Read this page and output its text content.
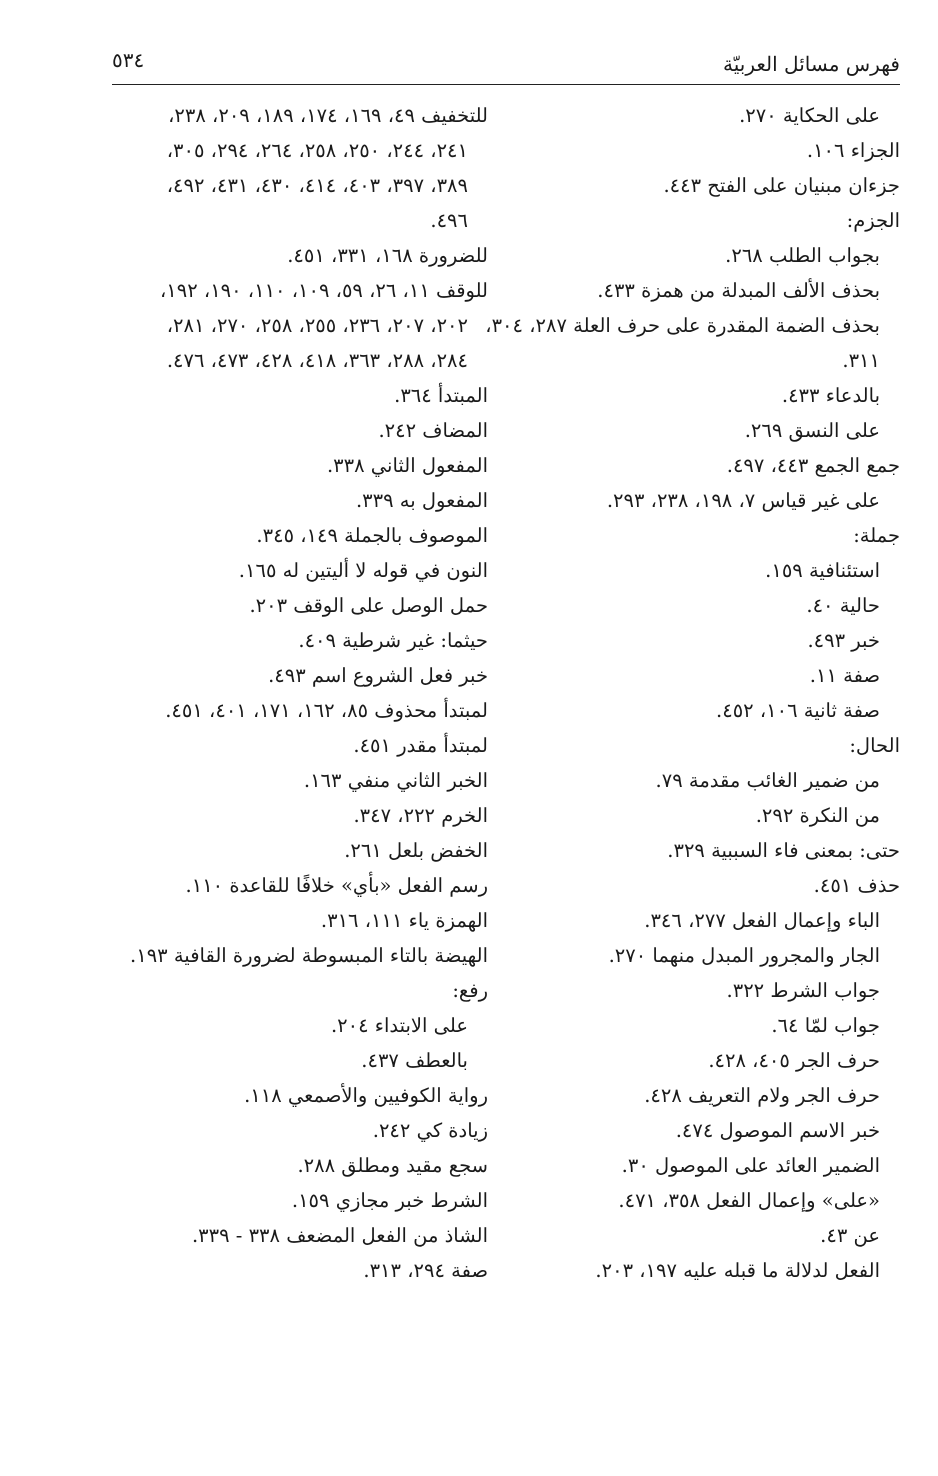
فهرس مسائل العربيّة
٥٣٤
على الحكاية ٢٧٠.
الجزاء ١٠٦.
جزءان مبنيان على الفتح ٤٤٣.
الجزم:
بجواب الطلب ٢٦٨.
بحذف الألف المبدلة من همزة ٤٣٣.
بحذف الضمة المقدرة على حرف العلة ٢٨٧، ٣٠٤،
٣١١.
بالدعاء ٤٣٣.
على النسق ٢٦٩.
جمع الجمع ٤٤٣، ٤٩٧.
على غير قياس ٧، ١٩٨، ٢٣٨، ٢٩٣.
جملة:
استئنافية ١٥٩.
حالية ٤٠.
خبر ٤٩٣.
صفة ١١.
صفة ثانية ١٠٦، ٤٥٢.
الحال:
من ضمير الغائب مقدمة ٧٩.
من النكرة ٢٩٢.
حتى: بمعنى فاء السببية ٣٢٩.
حذف ٤٥١.
الباء وإعمال الفعل ٢٧٧، ٣٤٦.
الجار والمجرور المبدل منهما ٢٧٠.
جواب الشرط ٣٢٢.
جواب لمّا ٦٤.
حرف الجر ٤٠٥، ٤٢٨.
حرف الجر ولام التعريف ٤٢٨.
خبر الاسم الموصول ٤٧٤.
الضمير العائد على الموصول ٣٠.
«على» وإعمال الفعل ٣٥٨، ٤٧١.
عن ٤٣.
الفعل لدلالة ما قبله عليه ١٩٧، ٢٠٣.
للتخفيف ٤٩، ١٦٩، ١٧٤، ١٨٩، ٢٠٩، ٢٣٨،
٢٤١، ٢٤٤، ٢٥٠، ٢٥٨، ٢٦٤، ٢٩٤، ٣٠٥،
٣٨٩، ٣٩٧، ٤٠٣، ٤١٤، ٤٣٠، ٤٣١، ٤٩٢،
٤٩٦.
للضرورة ١٦٨، ٣٣١، ٤٥١.
للوقف ١١، ٢٦، ٥٩، ١٠٩، ١١٠، ١٩٠، ١٩٢،
٢٠٢، ٢٠٧، ٢٣٦، ٢٥٥، ٢٥٨، ٢٧٠، ٢٨١،
٢٨٤، ٢٨٨، ٣٦٣، ٤١٨، ٤٢٨، ٤٧٣، ٤٧٦.
المبتدأ ٣٦٤.
المضاف ٢٤٢.
المفعول الثاني ٣٣٨.
المفعول به ٣٣٩.
الموصوف بالجملة ١٤٩، ٣٤٥.
النون في قوله لا أليتين له ١٦٥.
حمل الوصل على الوقف ٢٠٣.
حيثما: غير شرطية ٤٠٩.
خبر فعل الشروع اسم ٤٩٣.
لمبتدأ محذوف ٨٥، ١٦٢، ١٧١، ٤٠١، ٤٥١.
لمبتدأ مقدر ٤٥١.
الخبر الثاني منفي ١٦٣.
الخرم ٢٢٢، ٣٤٧.
الخفض بلعل ٢٦١.
رسم الفعل «بأي» خلافًا للقاعدة ١١٠.
الهمزة ياء ١١١، ٣١٦.
الهيضة بالتاء المبسوطة لضرورة القافية ١٩٣.
رفع:
على الابتداء ٢٠٤.
بالعطف ٤٣٧.
رواية الكوفيين والأصمعي ١١٨.
زيادة كي ٢٤٢.
سجع مقيد ومطلق ٢٨٨.
الشرط خبر مجازي ١٥٩.
الشاذ من الفعل المضعف ٣٣٨ - ٣٣٩.
صفة ٢٩٤، ٣١٣.
